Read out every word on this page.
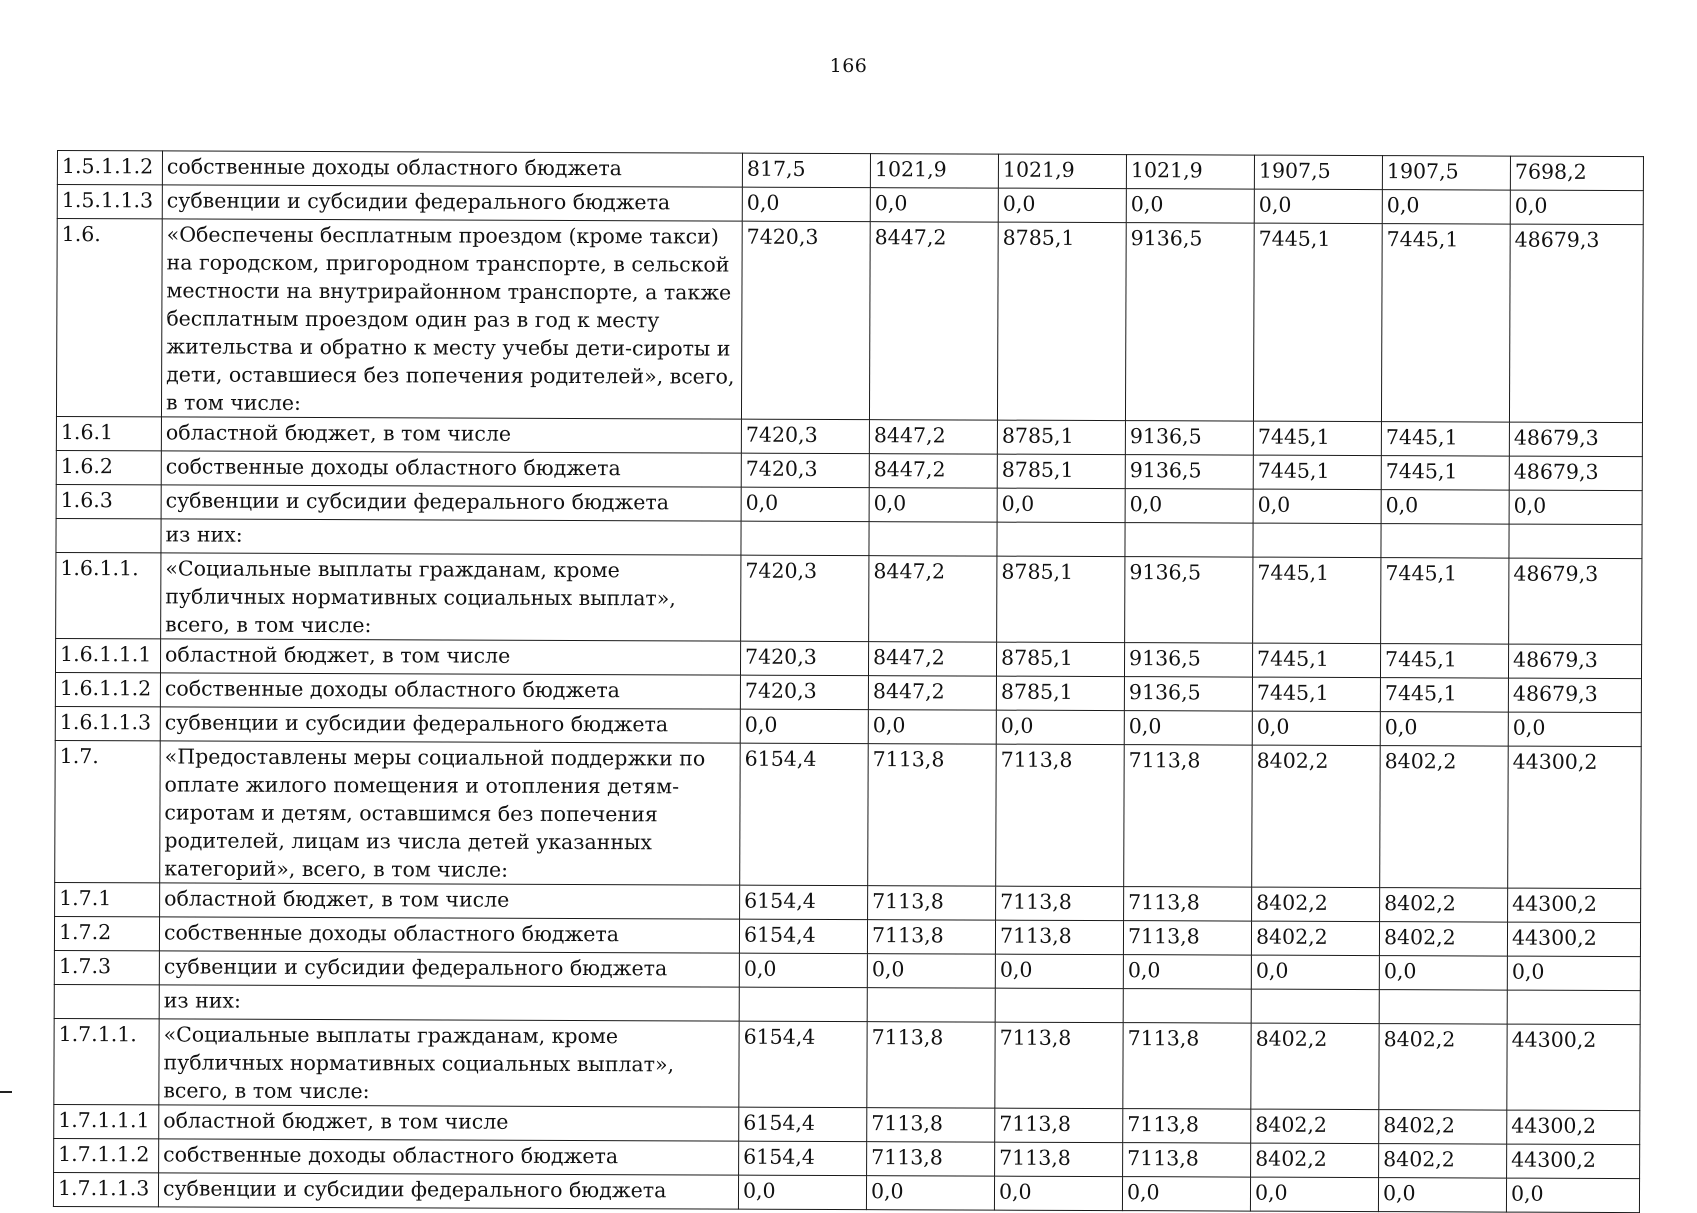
166
1.5.1.1.2	собственные доходы областного бюджета	817,5	1021,9	1021,9	1021,9	1907,5	1907,5	7698,2
1.5.1.1.3	субвенции и субсидии федерального бюджета	0,0	0,0	0,0	0,0	0,0	0,0	0,0
1.6.	«Обеспечены бесплатным проездом (кроме такси) на городском, пригородном транспорте, в сельской местности на внутрирайонном транспорте, а также бесплатным проездом один раз в год к месту жительства и обратно к месту учебы дети-сироты и дети, оставшиеся без попечения родителей», всего, в том числе:	7420,3	8447,2	8785,1	9136,5	7445,1	7445,1	48679,3
1.6.1	областной бюджет, в том числе	7420,3	8447,2	8785,1	9136,5	7445,1	7445,1	48679,3
1.6.2	собственные доходы областного бюджета	7420,3	8447,2	8785,1	9136,5	7445,1	7445,1	48679,3
1.6.3	субвенции и субсидии федерального бюджета	0,0	0,0	0,0	0,0	0,0	0,0	0,0
	из них:							
1.6.1.1.	«Социальные выплаты гражданам, кроме публичных нормативных социальных выплат», всего, в том числе:	7420,3	8447,2	8785,1	9136,5	7445,1	7445,1	48679,3
1.6.1.1.1	областной бюджет, в том числе	7420,3	8447,2	8785,1	9136,5	7445,1	7445,1	48679,3
1.6.1.1.2	собственные доходы областного бюджета	7420,3	8447,2	8785,1	9136,5	7445,1	7445,1	48679,3
1.6.1.1.3	субвенции и субсидии федерального бюджета	0,0	0,0	0,0	0,0	0,0	0,0	0,0
1.7.	«Предоставлены меры социальной поддержки по оплате жилого помещения и отопления детям-сиротам и детям, оставшимся без попечения родителей, лицам из числа детей указанных категорий», всего, в том числе:	6154,4	7113,8	7113,8	7113,8	8402,2	8402,2	44300,2
1.7.1	областной бюджет, в том числе	6154,4	7113,8	7113,8	7113,8	8402,2	8402,2	44300,2
1.7.2	собственные доходы областного бюджета	6154,4	7113,8	7113,8	7113,8	8402,2	8402,2	44300,2
1.7.3	субвенции и субсидии федерального бюджета	0,0	0,0	0,0	0,0	0,0	0,0	0,0
	из них:							
1.7.1.1.	«Социальные выплаты гражданам, кроме публичных нормативных социальных выплат», всего, в том числе:	6154,4	7113,8	7113,8	7113,8	8402,2	8402,2	44300,2
1.7.1.1.1	областной бюджет, в том числе	6154,4	7113,8	7113,8	7113,8	8402,2	8402,2	44300,2
1.7.1.1.2	собственные доходы областного бюджета	6154,4	7113,8	7113,8	7113,8	8402,2	8402,2	44300,2
1.7.1.1.3	субвенции и субсидии федерального бюджета	0,0	0,0	0,0	0,0	0,0	0,0	0,0
